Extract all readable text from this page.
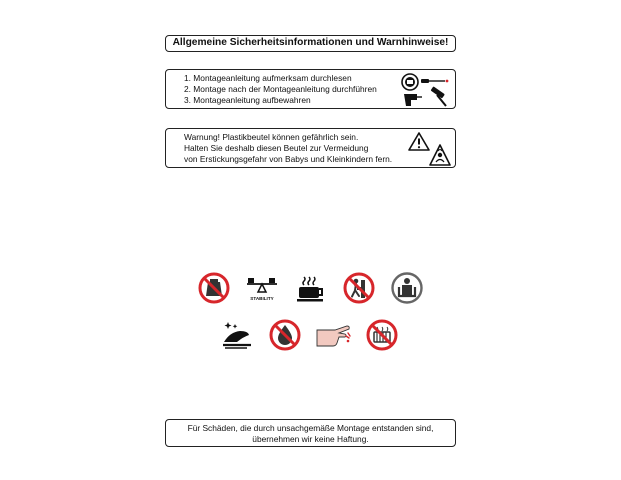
Allgemeine Sicherheitsinformationen und Warnhinweise!
1. Montageanleitung aufmerksam durchlesen
2. Montage nach der Montageanleitung durchführen
3. Montageanleitung aufbewahren
Warnung! Plastikbeutel können gefährlich sein.
Halten Sie deshalb diesen Beutel zur Vermeidung
von Erstickungsgefahr von Babys und Kleinkindern fern.
STABILITY
Für Schäden, die durch unsachgemäße Montage entstanden sind,
übernehmen wir keine Haftung.
